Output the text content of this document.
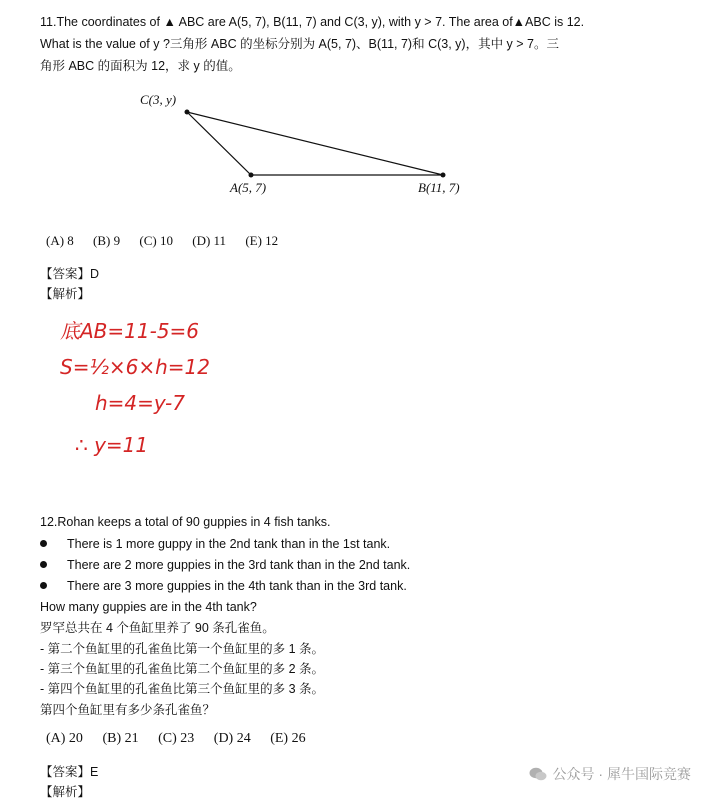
11.The coordinates of ▲ ABC are A(5, 7), B(11, 7) and C(3, y), with y > 7. The area of▲ABC is 12.
What is the value of y ?三角形 ABC 的坐标分别为 A(5, 7)、B(11, 7)和 C(3, y)，其中 y > 7。三
角形 ABC 的面积为 12，求 y 的值。
C(3, y)
A(5, 7)	B(11, 7)
(A) 8 (B) 9 (C) 10 (D) 11 (E) 12
【答案】D
【解析】
底AB=11-5=6
S=½×6×h=12
h=4=y-7
∴ y=11
12.Rohan keeps a total of 90 guppies in 4 fish tanks.
There is 1 more guppy in the 2nd tank than in the 1st tank.
There are 2 more guppies in the 3rd tank than in the 2nd tank.
There are 3 more guppies in the 4th tank than in the 3rd tank.
How many guppies are in the 4th tank?
罗罕总共在 4 个鱼缸里养了 90 条孔雀鱼。
- 第二个鱼缸里的孔雀鱼比第一个鱼缸里的多 1 条。
- 第三个鱼缸里的孔雀鱼比第二个鱼缸里的多 2 条。
- 第四个鱼缸里的孔雀鱼比第三个鱼缸里的多 3 条。
第四个鱼缸里有多少条孔雀鱼？
(A) 20 (B) 21 (C) 23 (D) 24 (E) 26
【答案】E
【解析】
公众号 · 犀牛国际竞赛
